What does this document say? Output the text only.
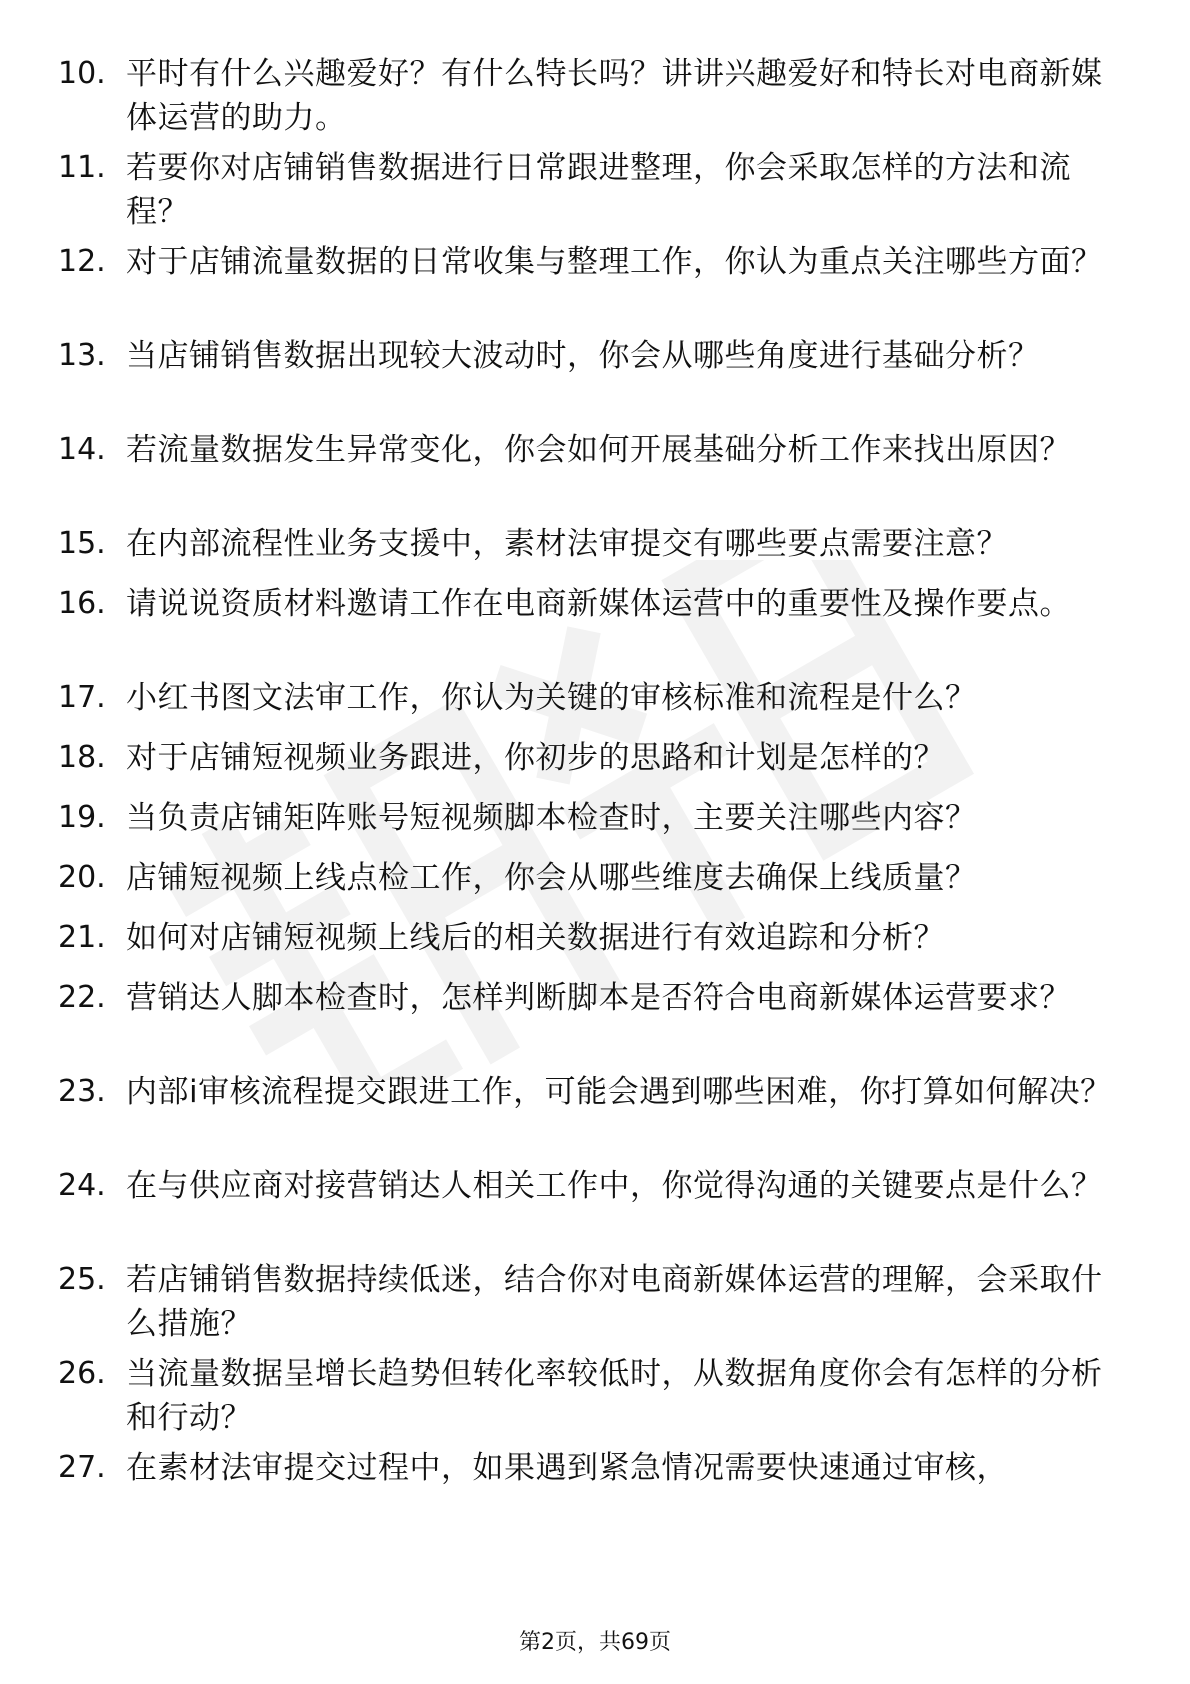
10. 平时有什么兴趣爱好？有什么特长吗？讲讲兴趣爱好和特长对电商新媒体运营的助力。
11. 若要你对店铺销售数据进行日常跟进整理，你会采取怎样的方法和流程？
12. 对于店铺流量数据的日常收集与整理工作，你认为重点关注哪些方面？
13. 当店铺销售数据出现较大波动时，你会从哪些角度进行基础分析？
14. 若流量数据发生异常变化，你会如何开展基础分析工作来找出原因？
15. 在内部流程性业务支援中，素材法审提交有哪些要点需要注意？
16. 请说说资质材料邀请工作在电商新媒体运营中的重要性及操作要点。
17. 小红书图文法审工作，你认为关键的审核标准和流程是什么？
18. 对于店铺短视频业务跟进，你初步的思路和计划是怎样的？
19. 当负责店铺矩阵账号短视频脚本检查时，主要关注哪些内容？
20. 店铺短视频上线点检工作，你会从哪些维度去确保上线质量？
21. 如何对店铺短视频上线后的相关数据进行有效追踪和分析？
22. 营销达人脚本检查时，怎样判断脚本是否符合电商新媒体运营要求？
23. 内部i审核流程提交跟进工作，可能会遇到哪些困难，你打算如何解决？
24. 在与供应商对接营销达人相关工作中，你觉得沟通的关键要点是什么？
25. 若店铺销售数据持续低迷，结合你对电商新媒体运营的理解，会采取什么措施？
26. 当流量数据呈增长趋势但转化率较低时，从数据角度你会有怎样的分析和行动？
27. 在素材法审提交过程中，如果遇到紧急情况需要快速通过审核，
第2页，共69页
